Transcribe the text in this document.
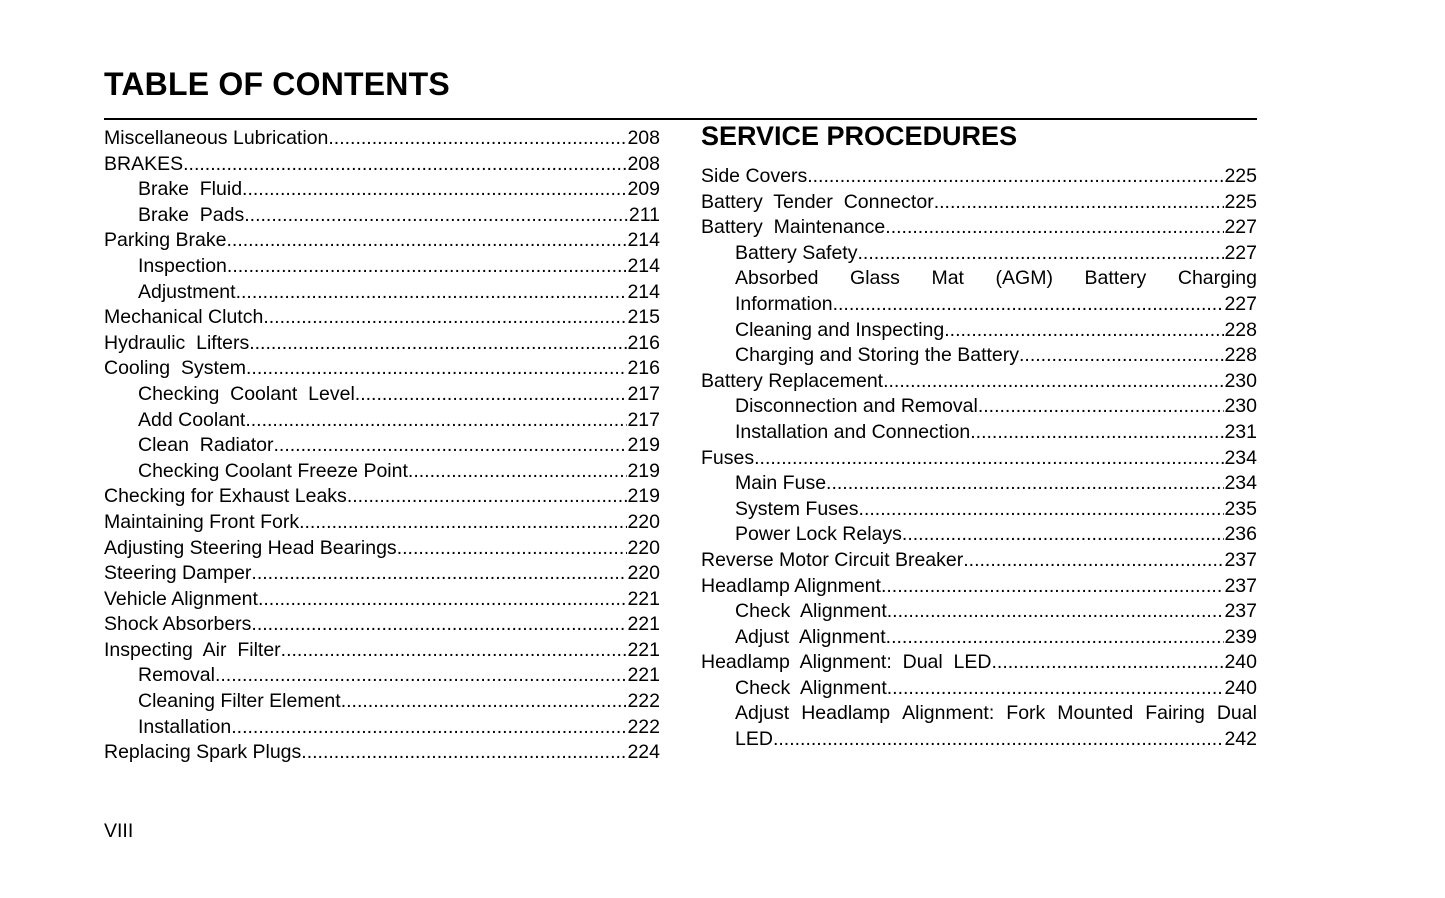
TABLE OF CONTENTS
Miscellaneous Lubrication .....	208
BRAKES .....	208
Brake  Fluid .....	209
Brake  Pads .....	211
Parking Brake .....	214
Inspection .....	214
Adjustment .....	214
Mechanical Clutch .....	215
Hydraulic  Lifters .....	216
Cooling  System .....	216
Checking  Coolant  Level .....	217
Add Coolant .....	217
Clean  Radiator .....	219
Checking Coolant Freeze Point .....	219
Checking for Exhaust Leaks .....	219
Maintaining Front Fork .....	220
Adjusting Steering Head Bearings .....	220
Steering Damper .....	220
Vehicle Alignment .....	221
Shock Absorbers .....	221
Inspecting  Air  Filter .....	221
Removal .....	221
Cleaning Filter Element .....	222
Installation .....	222
Replacing Spark Plugs .....	224
SERVICE PROCEDURES
Side Covers .....	225
Battery  Tender  Connector .....	225
Battery  Maintenance .....	227
Battery Safety .....	227
Absorbed Glass Mat (AGM) Battery Charging
Information .....	227
Cleaning and Inspecting .....	228
Charging and Storing the Battery .....	228
Battery Replacement .....	230
Disconnection and Removal .....	230
Installation and Connection .....	231
Fuses .....	234
Main Fuse .....	234
System Fuses .....	235
Power Lock Relays .....	236
Reverse Motor Circuit Breaker .....	237
Headlamp Alignment .....	237
Check  Alignment .....	237
Adjust  Alignment .....	239
Headlamp  Alignment:  Dual  LED .....	240
Check  Alignment .....	240
Adjust Headlamp Alignment: Fork Mounted Fairing Dual
LED .....	242
VIII
